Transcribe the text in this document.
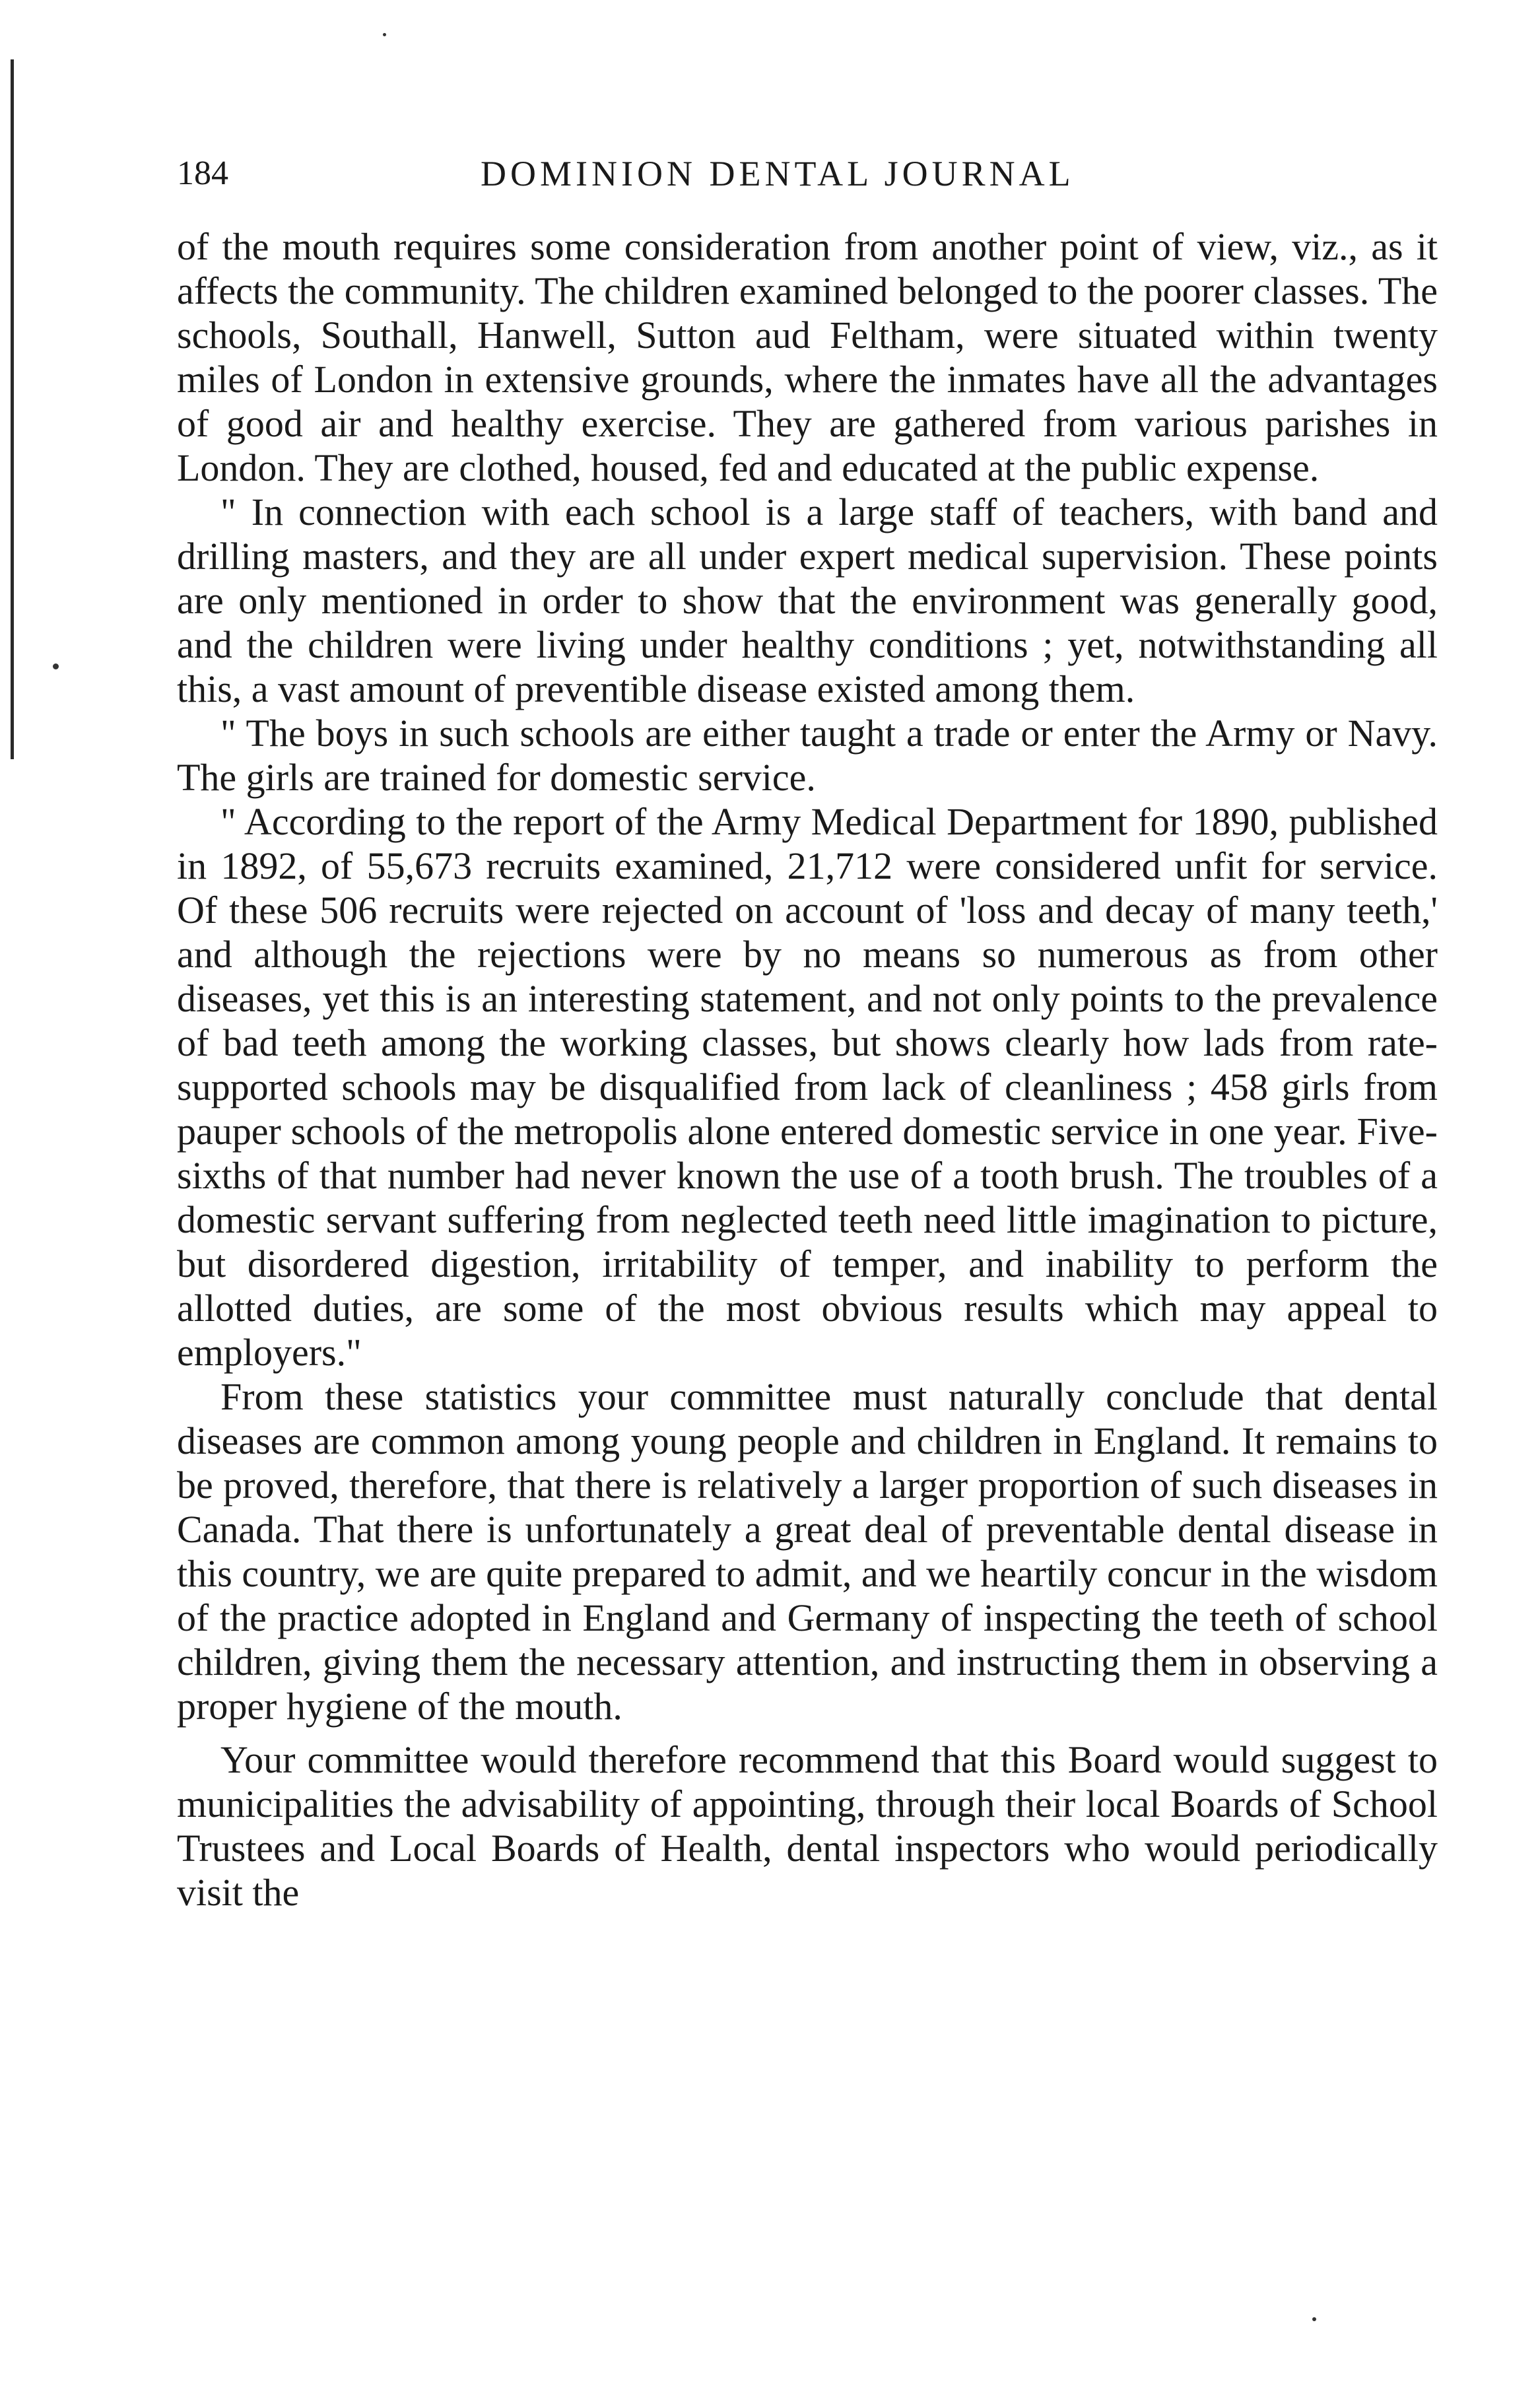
184	DOMINION DENTAL JOURNAL

of the mouth requires some consideration from another point of view, viz., as it affects the community. The children examined belonged to the poorer classes. The schools, Southall, Hanwell, Sutton aud Feltham, were situated within twenty miles of London in extensive grounds, where the inmates have all the advantages of good air and healthy exercise. They are gathered from various parishes in London. They are clothed, housed, fed and educated at the public expense.

" In connection with each school is a large staff of teachers, with band and drilling masters, and they are all under expert medical supervision. These points are only mentioned in order to show that the environment was generally good, and the children were living under healthy conditions ; yet, notwithstanding all this, a vast amount of preventible disease existed among them.

" The boys in such schools are either taught a trade or enter the Army or Navy. The girls are trained for domestic service.

" According to the report of the Army Medical Department for 1890, published in 1892, of 55,673 recruits examined, 21,712 were considered unfit for service. Of these 506 recruits were rejected on account of 'loss and decay of many teeth,' and although the rejections were by no means so numerous as from other diseases, yet this is an interesting statement, and not only points to the prevalence of bad teeth among the working classes, but shows clearly how lads from rate-supported schools may be disqualified from lack of cleanliness ; 458 girls from pauper schools of the metropolis alone entered domestic service in one year. Five-sixths of that number had never known the use of a tooth brush. The troubles of a domestic servant suffering from neglected teeth need little imagination to picture, but disordered digestion, irritability of temper, and inability to perform the allotted duties, are some of the most obvious results which may appeal to employers."

From these statistics your committee must naturally conclude that dental diseases are common among young people and children in England. It remains to be proved, therefore, that there is relatively a larger proportion of such diseases in Canada. That there is unfortunately a great deal of preventable dental disease in this country, we are quite prepared to admit, and we heartily concur in the wisdom of the practice adopted in England and Germany of inspecting the teeth of school children, giving them the necessary attention, and instructing them in observing a proper hygiene of the mouth.

Your committee would therefore recommend that this Board would suggest to municipalities the advisability of appointing, through their local Boards of School Trustees and Local Boards of Health, dental inspectors who would periodically visit the
